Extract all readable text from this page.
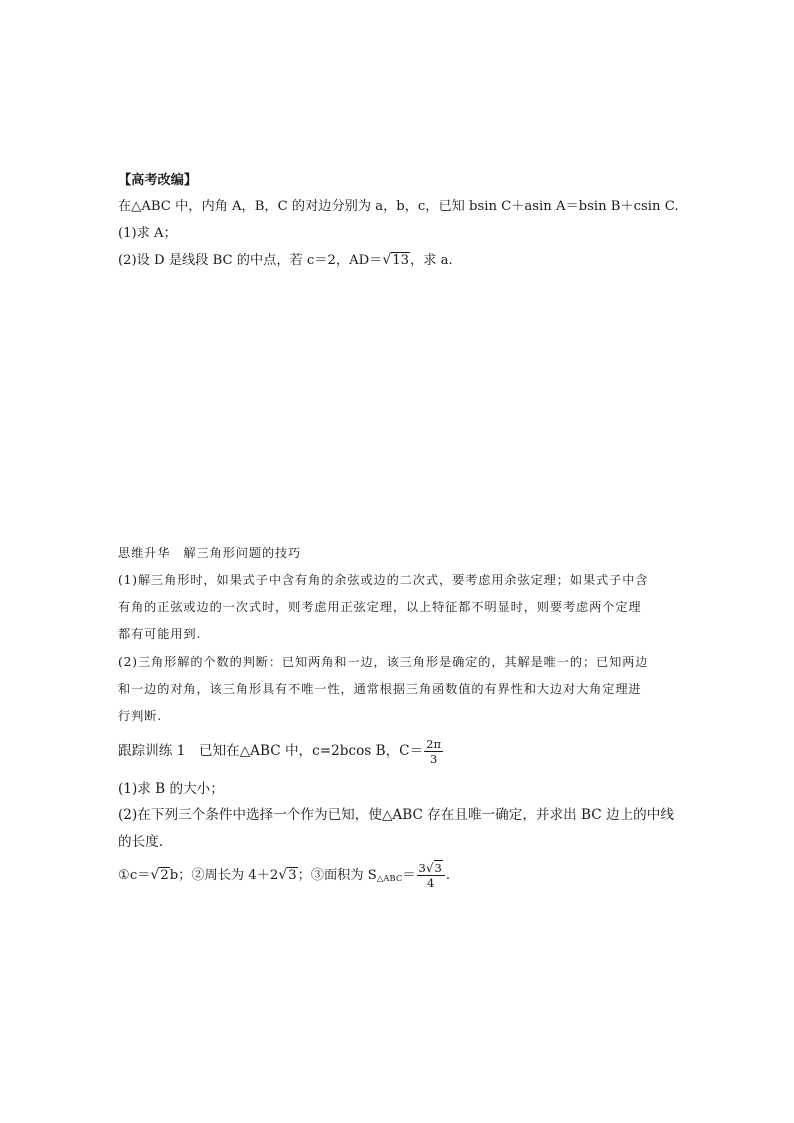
【高考改编】
在△ABC 中，内角 A，B，C 的对边分别为 a，b，c，已知 bsin C＋asin A＝bsin B＋csin C.
(1)求 A；
(2)设 D 是线段 BC 的中点，若 c＝2，AD＝√13，求 a.
思维升华　解三角形问题的技巧
(1)解三角形时，如果式子中含有角的余弦或边的二次式，要考虑用余弦定理；如果式子中含
有角的正弦或边的一次式时，则考虑用正弦定理，以上特征都不明显时，则要考虑两个定理
都有可能用到.
(2)三角形解的个数的判断：已知两角和一边，该三角形是确定的，其解是唯一的；已知两边
和一边的对角，该三角形具有不唯一性，通常根据三角函数值的有界性和大边对大角定理进
行判断.
跟踪训练 1　已知在△ABC 中，c=2bcos B，$C= \frac{2\pi}{3}$
(1)求 B 的大小；
(2)在下列三个条件中选择一个作为已知，使△ABC 存在且唯一确定，并求出 BC 边上的中线
的长度.
①c＝√2b；②周长为 4＋2√3；③面积为 $S_{\triangle ABC}= \frac{3√3}{4}$ .
